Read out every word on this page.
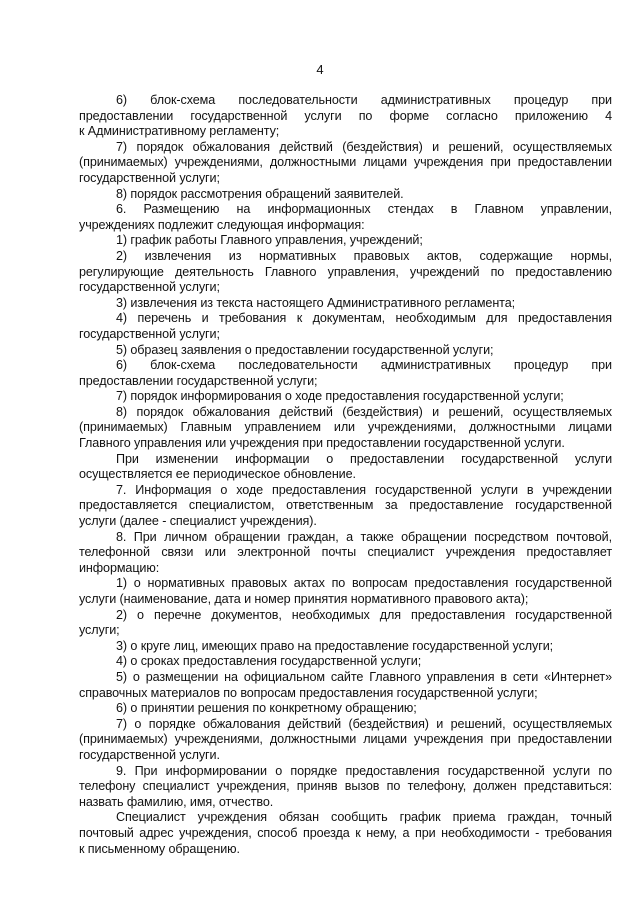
4
6) блок-схема последовательности административных процедур при
предоставлении государственной услуги по форме согласно приложению 4
к Административному регламенту;
7) порядок обжалования действий (бездействия) и решений, осуществляемых
(принимаемых) учреждениями, должностными лицами учреждения при предоставлении
государственной услуги;
8) порядок рассмотрения обращений заявителей.
6. Размещению на информационных стендах в Главном управлении,
учреждениях подлежит следующая информация:
1) график работы Главного управления, учреждений;
2) извлечения из нормативных правовых актов, содержащие нормы,
регулирующие деятельность Главного управления, учреждений по предоставлению
государственной услуги;
3) извлечения из текста настоящего Административного регламента;
4) перечень и требования к документам, необходимым для предоставления
государственной услуги;
5) образец заявления о предоставлении государственной услуги;
6) блок-схема последовательности административных процедур при
предоставлении государственной услуги;
7) порядок информирования о ходе предоставления государственной услуги;
8) порядок обжалования действий (бездействия) и решений, осуществляемых
(принимаемых) Главным управлением или учреждениями, должностными лицами
Главного управления или учреждения при предоставлении государственной услуги.
При изменении информации о предоставлении государственной услуги
осуществляется ее периодическое обновление.
7. Информация о ходе предоставления государственной услуги в учреждении
предоставляется специалистом, ответственным за предоставление государственной
услуги (далее - специалист учреждения).
8. При личном обращении граждан, а также обращении посредством почтовой,
телефонной связи или электронной почты специалист учреждения предоставляет
информацию:
1) о нормативных правовых актах по вопросам предоставления государственной
услуги (наименование, дата и номер принятия нормативного правового акта);
2) о перечне документов, необходимых для предоставления государственной
услуги;
3) о круге лиц, имеющих право на предоставление государственной услуги;
4) о сроках предоставления государственной услуги;
5) о размещении на официальном сайте Главного управления в сети «Интернет»
справочных материалов по вопросам предоставления государственной услуги;
6) о принятии решения по конкретному обращению;
7) о порядке обжалования действий (бездействия) и решений, осуществляемых
(принимаемых) учреждениями, должностными лицами учреждения при предоставлении
государственной услуги.
9. При информировании о порядке предоставления государственной услуги по
телефону специалист учреждения, приняв вызов по телефону, должен представиться:
назвать фамилию, имя, отчество.
Специалист учреждения обязан сообщить график приема граждан, точный
почтовый адрес учреждения, способ проезда к нему, а при необходимости - требования
к письменному обращению.
